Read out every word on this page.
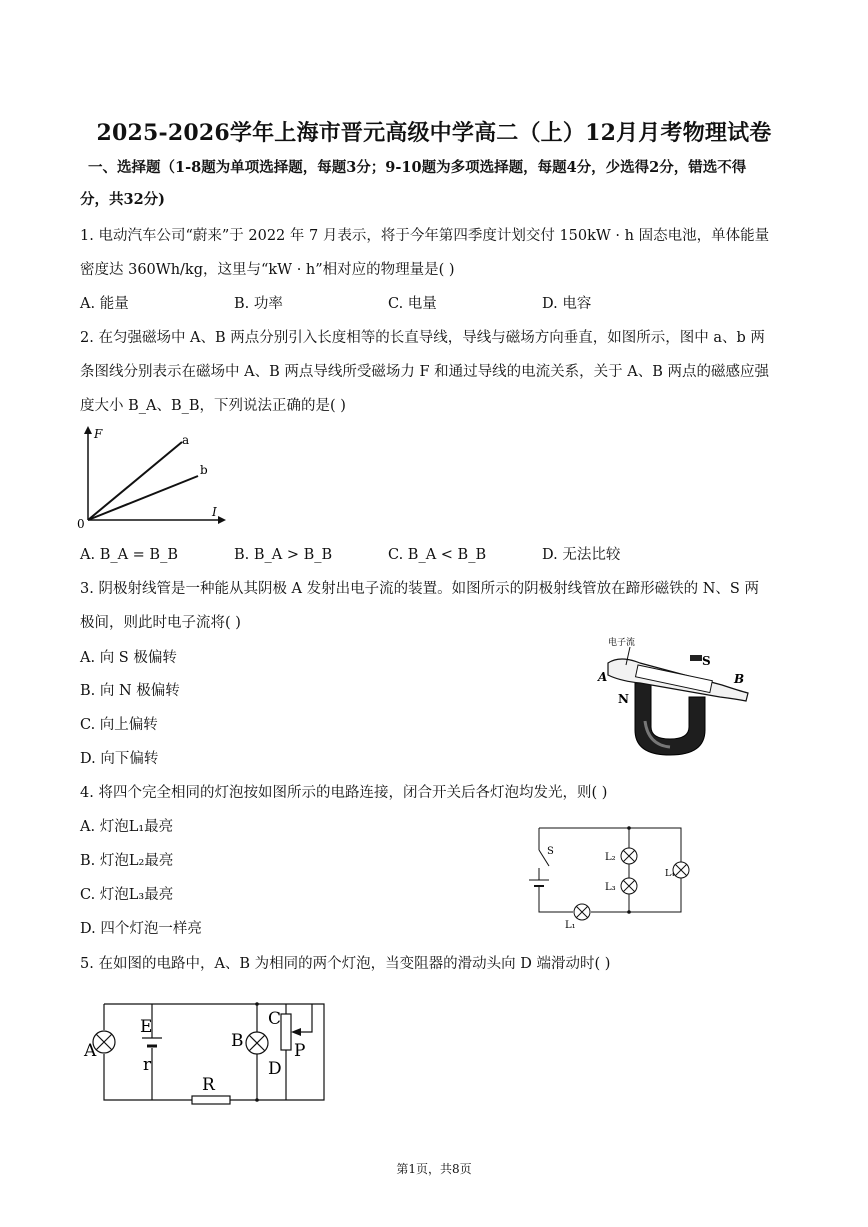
2025-2026学年上海市晋元高级中学高二（上）12月月考物理试卷
一、选择题（1-8题为单项选择题，每题3分；9-10题为多项选择题，每题4分，少选得2分，错选不得
分，共32分)
1. 电动汽车公司“蔚来”于 2022 年 7 月表示，将于今年第四季度计划交付 150kW · h 固态电池，单体能量
密度达 360Wh/kg，这里与“kW · h”相对应的物理量是( )
A. 能量	B. 功率	C. 电量	D. 电容
2. 在匀强磁场中 A、B 两点分别引入长度相等的长直导线，导线与磁场方向垂直，如图所示，图中 a、b 两
条图线分别表示在磁场中 A、B 两点导线所受磁场力 F 和通过导线的电流关系，关于 A、B 两点的磁感应强
度大小 B_A、B_B，下列说法正确的是( )
F
I
0
a
b
A. B_A = B_B	B. B_A > B_B	C. B_A < B_B	D. 无法比较
3. 阴极射线管是一种能从其阴极 A 发射出电子流的装置。如图所示的阴极射线管放在蹄形磁铁的 N、S 两
极间，则此时电子流将( )
A. 向 S 极偏转
B. 向 N 极偏转
C. 向上偏转
D. 向下偏转
电子流
A	B
S
N
4. 将四个完全相同的灯泡按如图所示的电路连接，闭合开关后各灯泡均发光，则( )
A. 灯泡L₁最亮
B. 灯泡L₂最亮
C. 灯泡L₃最亮
D. 四个灯泡一样亮
S
L₂
L₃
L₁
L₄
5. 在如图的电路中，A、B 为相同的两个灯泡，当变阻器的滑动头向 D 端滑动时( )
A
E
r
B
C
D
P
R
第1页，共8页
